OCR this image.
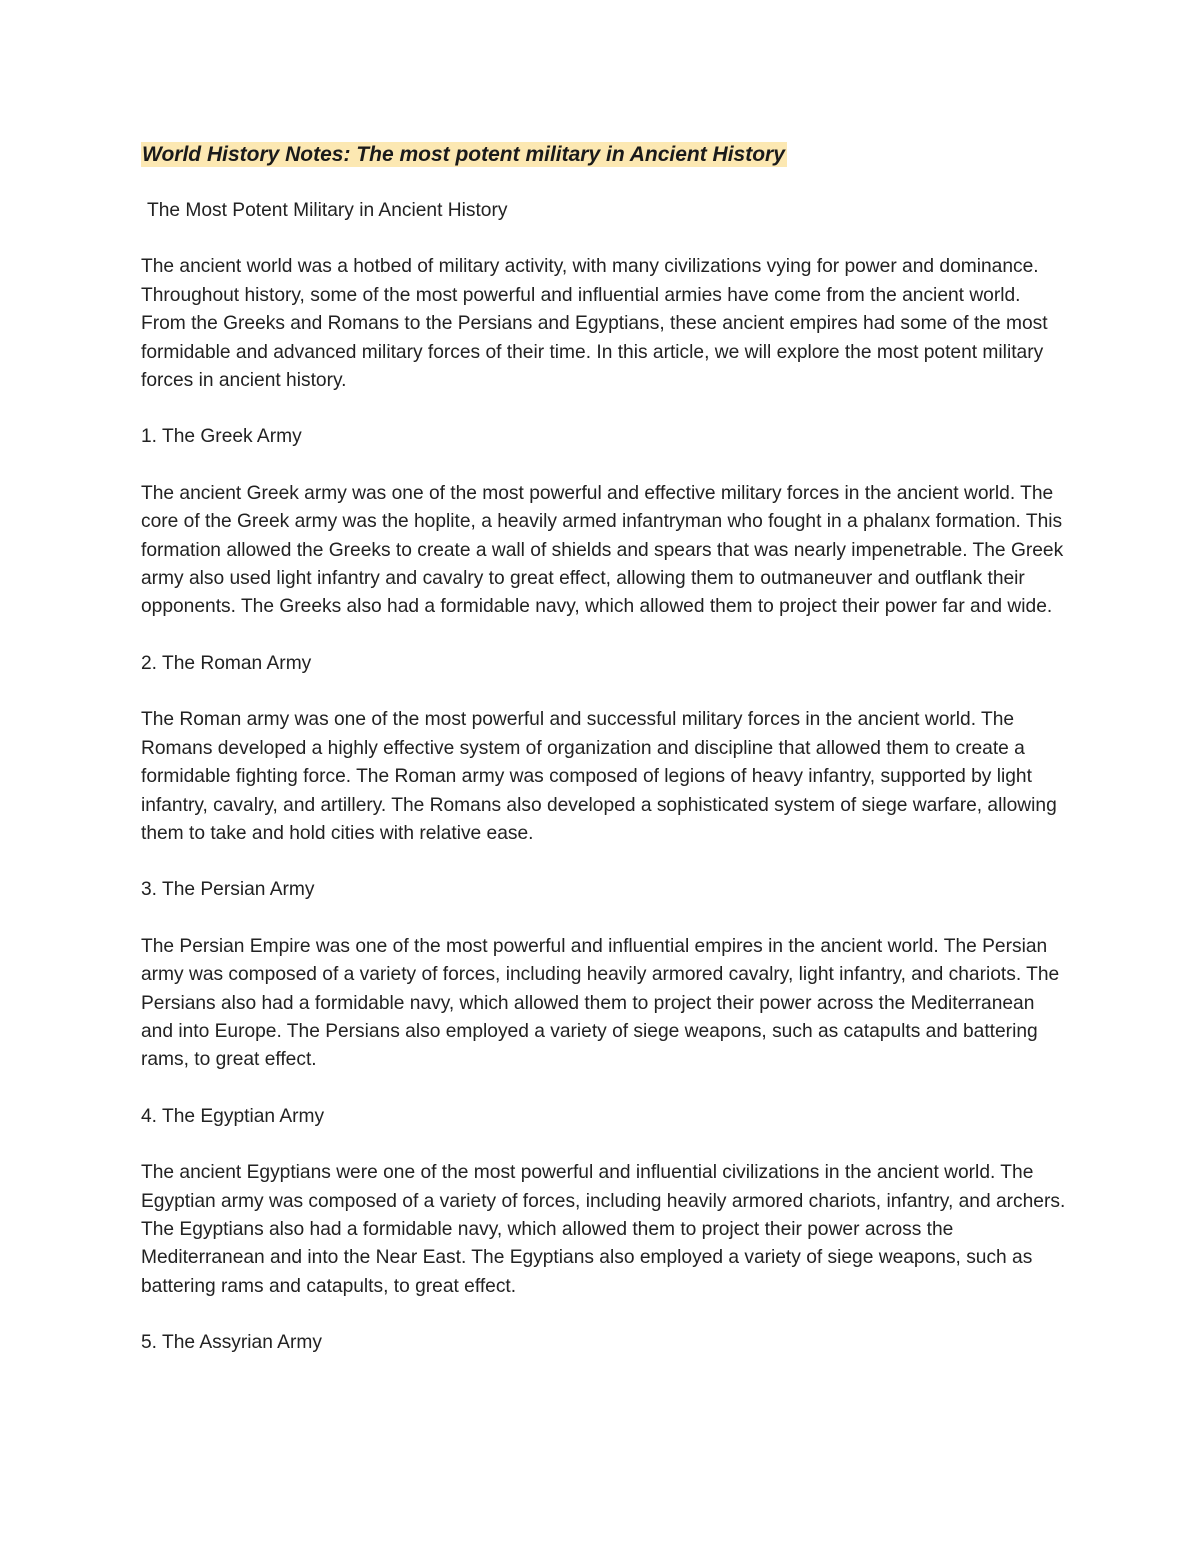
World History Notes: The most potent military in Ancient History

The Most Potent Military in Ancient History

The ancient world was a hotbed of military activity, with many civilizations vying for power and dominance. Throughout history, some of the most powerful and influential armies have come from the ancient world. From the Greeks and Romans to the Persians and Egyptians, these ancient empires had some of the most formidable and advanced military forces of their time. In this article, we will explore the most potent military forces in ancient history.

1. The Greek Army

The ancient Greek army was one of the most powerful and effective military forces in the ancient world. The core of the Greek army was the hoplite, a heavily armed infantryman who fought in a phalanx formation. This formation allowed the Greeks to create a wall of shields and spears that was nearly impenetrable. The Greek army also used light infantry and cavalry to great effect, allowing them to outmaneuver and outflank their opponents. The Greeks also had a formidable navy, which allowed them to project their power far and wide.

2. The Roman Army

The Roman army was one of the most powerful and successful military forces in the ancient world. The Romans developed a highly effective system of organization and discipline that allowed them to create a formidable fighting force. The Roman army was composed of legions of heavy infantry, supported by light infantry, cavalry, and artillery. The Romans also developed a sophisticated system of siege warfare, allowing them to take and hold cities with relative ease.

3. The Persian Army

The Persian Empire was one of the most powerful and influential empires in the ancient world. The Persian army was composed of a variety of forces, including heavily armored cavalry, light infantry, and chariots. The Persians also had a formidable navy, which allowed them to project their power across the Mediterranean and into Europe. The Persians also employed a variety of siege weapons, such as catapults and battering rams, to great effect.

4. The Egyptian Army

The ancient Egyptians were one of the most powerful and influential civilizations in the ancient world. The Egyptian army was composed of a variety of forces, including heavily armored chariots, infantry, and archers. The Egyptians also had a formidable navy, which allowed them to project their power across the Mediterranean and into the Near East. The Egyptians also employed a variety of siege weapons, such as battering rams and catapults, to great effect.

5. The Assyrian Army
